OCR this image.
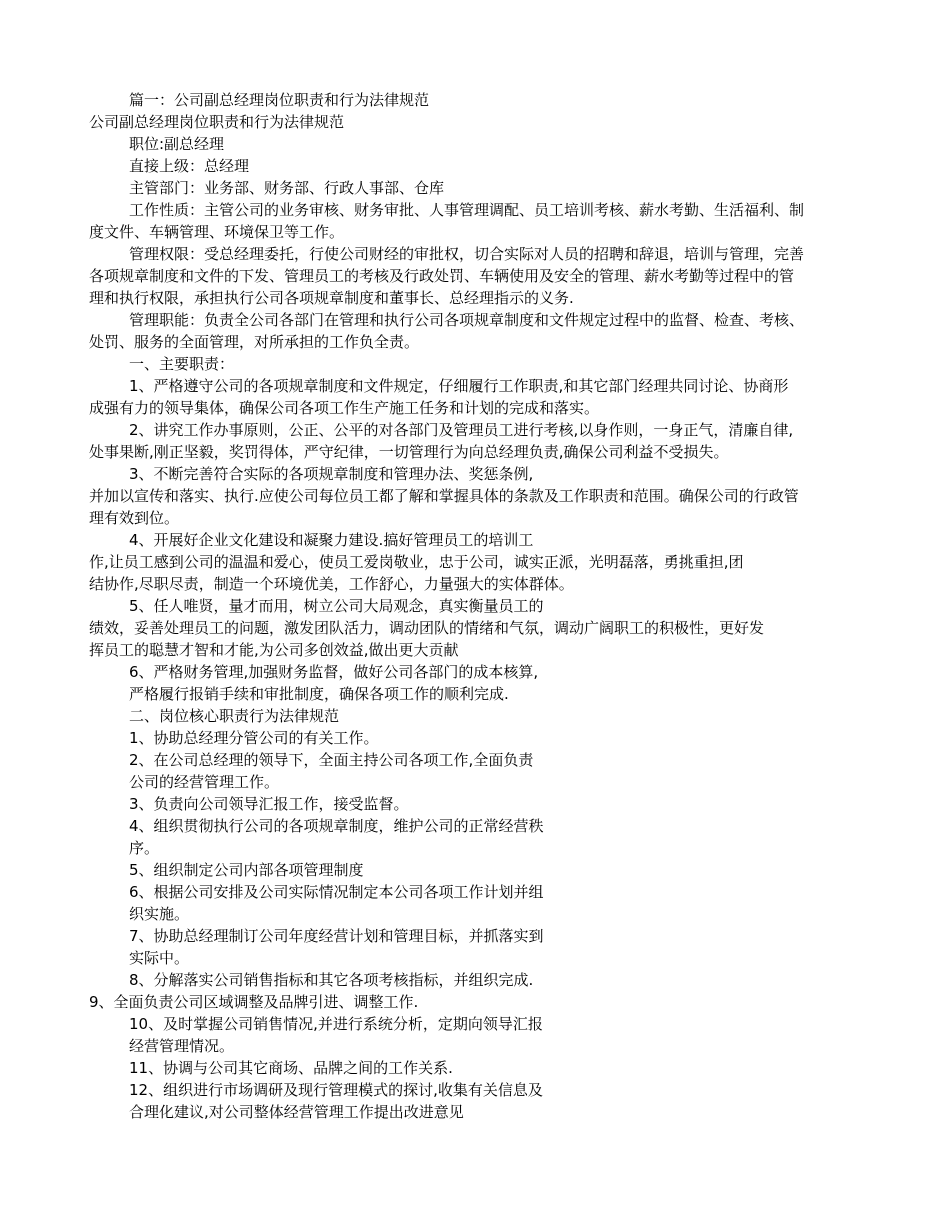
篇一：公司副总经理岗位职责和行为法律规范
公司副总经理岗位职责和行为法律规范
职位:副总经理
直接上级：总经理
主管部门：业务部、财务部、行政人事部、仓库
工作性质：主管公司的业务审核、财务审批、人事管理调配、员工培训考核、薪水考勤、生活福利、制
度文件、车辆管理、环境保卫等工作。
管理权限：受总经理委托，行使公司财经的审批权，切合实际对人员的招聘和辞退，培训与管理，完善
各项规章制度和文件的下发、管理员工的考核及行政处罚、车辆使用及安全的管理、薪水考勤等过程中的管
理和执行权限，承担执行公司各项规章制度和董事长、总经理指示的义务.
管理职能：负责全公司各部门在管理和执行公司各项规章制度和文件规定过程中的监督、检查、考核、
处罚、服务的全面管理，对所承担的工作负全责。
一、主要职责：
1、严格遵守公司的各项规章制度和文件规定，仔细履行工作职责,和其它部门经理共同讨论、协商形
成强有力的领导集体，确保公司各项工作生产施工任务和计划的完成和落实。
2、讲究工作办事原则，公正、公平的对各部门及管理员工进行考核,以身作则，一身正气，清廉自律,
处事果断,刚正坚毅，奖罚得体，严守纪律，一切管理行为向总经理负责,确保公司利益不受损失。
3、不断完善符合实际的各项规章制度和管理办法、奖惩条例,
并加以宣传和落实、执行.应使公司每位员工都了解和掌握具体的条款及工作职责和范围。确保公司的行政管
理有效到位。
4、开展好企业文化建设和凝聚力建设.搞好管理员工的培训工
作,让员工感到公司的温温和爱心，使员工爱岗敬业，忠于公司，诚实正派，光明磊落，勇挑重担,团
结协作,尽职尽责，制造一个环境优美，工作舒心，力量强大的实体群体。
5、任人唯贤，量才而用，树立公司大局观念，真实衡量员工的
绩效，妥善处理员工的问题，激发团队活力，调动团队的情绪和气氛，调动广阔职工的积极性，更好发
挥员工的聪慧才智和才能,为公司多创效益,做出更大贡献
6、严格财务管理,加强财务监督，做好公司各部门的成本核算,
严格履行报销手续和审批制度，确保各项工作的顺利完成.
二、岗位核心职责行为法律规范
1、协助总经理分管公司的有关工作。
2、在公司总经理的领导下，全面主持公司各项工作,全面负责
公司的经营管理工作。
3、负责向公司领导汇报工作，接受监督。
4、组织贯彻执行公司的各项规章制度，维护公司的正常经营秩
序。
5、组织制定公司内部各项管理制度
6、根据公司安排及公司实际情况制定本公司各项工作计划并组
织实施。
7、协助总经理制订公司年度经营计划和管理目标，并抓落实到
实际中。
8、分解落实公司销售指标和其它各项考核指标，并组织完成.
9、全面负责公司区域调整及品牌引进、调整工作.
10、及时掌握公司销售情况,并进行系统分析，定期向领导汇报
经营管理情况。
11、协调与公司其它商场、品牌之间的工作关系.
12、组织进行市场调研及现行管理模式的探讨,收集有关信息及
合理化建议,对公司整体经营管理工作提出改进意见
